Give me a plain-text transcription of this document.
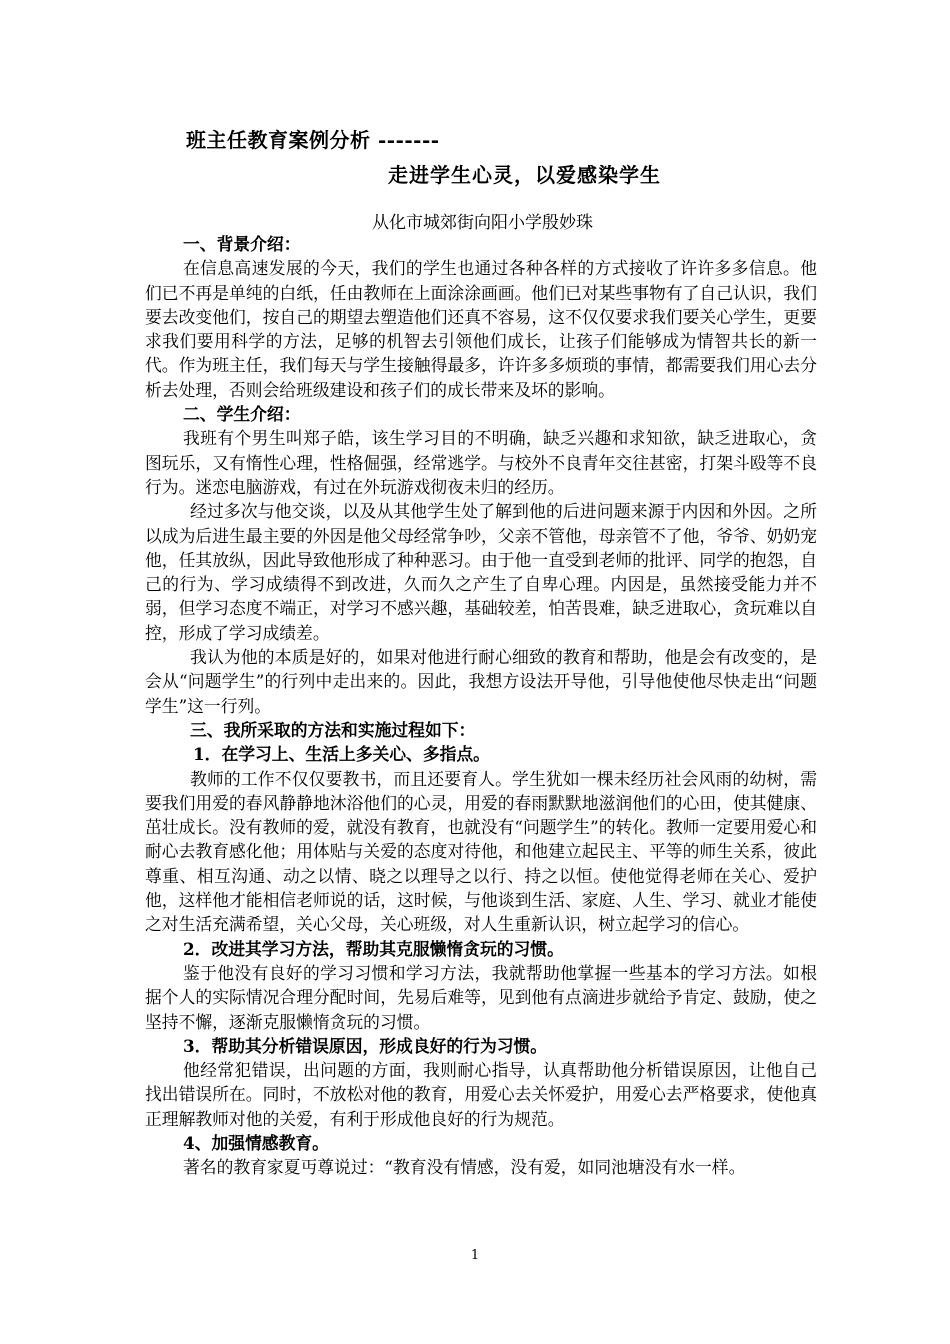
班主任教育案例分析 -------
走进学生心灵，以爱感染学生
从化市城郊街向阳小学殷妙珠

一、背景介绍：

在信息高速发展的今天，我们的学生也通过各种各样的方式接收了许许多多信息。他们已不再是单纯的白纸，任由教师在上面涂涂画画。他们已对某些事物有了自己认识，我们要去改变他们，按自己的期望去塑造他们还真不容易，这不仅仅要求我们要关心学生，更要求我们要用科学的方法，足够的机智去引领他们成长，让孩子们能够成为情智共长的新一代。作为班主任，我们每天与学生接触得最多，许许多多烦琐的事情，都需要我们用心去分析去处理，否则会给班级建设和孩子们的成长带来及坏的影响。

二、学生介绍：

我班有个男生叫郑子皓，该生学习目的不明确，缺乏兴趣和求知欲，缺乏进取心，贪图玩乐，又有惰性心理，性格倔强，经常逃学。与校外不良青年交往甚密，打架斗殴等不良行为。迷恋电脑游戏，有过在外玩游戏彻夜未归的经历。

经过多次与他交谈，以及从其他学生处了解到他的后进问题来源于内因和外因。之所以成为后进生最主要的外因是他父母经常争吵，父亲不管他，母亲管不了他，爷爷、奶奶宠他，任其放纵，因此导致他形成了种种恶习。由于他一直受到老师的批评、同学的抱怨，自己的行为、学习成绩得不到改进，久而久之产生了自卑心理。内因是，虽然接受能力并不弱，但学习态度不端正，对学习不感兴趣，基础较差，怕苦畏难，缺乏进取心，贪玩难以自控，形成了学习成绩差。

我认为他的本质是好的，如果对他进行耐心细致的教育和帮助，他是会有改变的，是会从“问题学生”的行列中走出来的。因此，我想方设法开导他，引导他使他尽快走出“问题学生”这一行列。

三、我所采取的方法和实施过程如下：

1．在学习上、生活上多关心、多指点。

教师的工作不仅仅要教书，而且还要育人。学生犹如一棵未经历社会风雨的幼树，需要我们用爱的春风静静地沐浴他们的心灵，用爱的春雨默默地滋润他们的心田，使其健康、茁壮成长。没有教师的爱，就没有教育，也就没有“问题学生”的转化。教师一定要用爱心和耐心去教育感化他；用体贴与关爱的态度对待他，和他建立起民主、平等的师生关系，彼此尊重、相互沟通、动之以情、晓之以理导之以行、持之以恒。使他觉得老师在关心、爱护他，这样他才能相信老师说的话，这时候，与他谈到生活、家庭、人生、学习、就业才能使之对生活充满希望，关心父母，关心班级，对人生重新认识，树立起学习的信心。

2．改进其学习方法，帮助其克服懒惰贪玩的习惯。

鉴于他没有良好的学习习惯和学习方法，我就帮助他掌握一些基本的学习方法。如根据个人的实际情况合理分配时间，先易后难等，见到他有点滴进步就给予肯定、鼓励，使之坚持不懈，逐渐克服懒惰贪玩的习惯。

3．帮助其分析错误原因，形成良好的行为习惯。

他经常犯错误，出问题的方面，我则耐心指导，认真帮助他分析错误原因，让他自己找出错误所在。同时，不放松对他的教育，用爱心去关怀爱护，用爱心去严格要求，使他真正理解教师对他的关爱，有利于形成他良好的行为规范。

4、加强情感教育。

著名的教育家夏丏尊说过：“教育没有情感，没有爱，如同池塘没有水一样。

1
